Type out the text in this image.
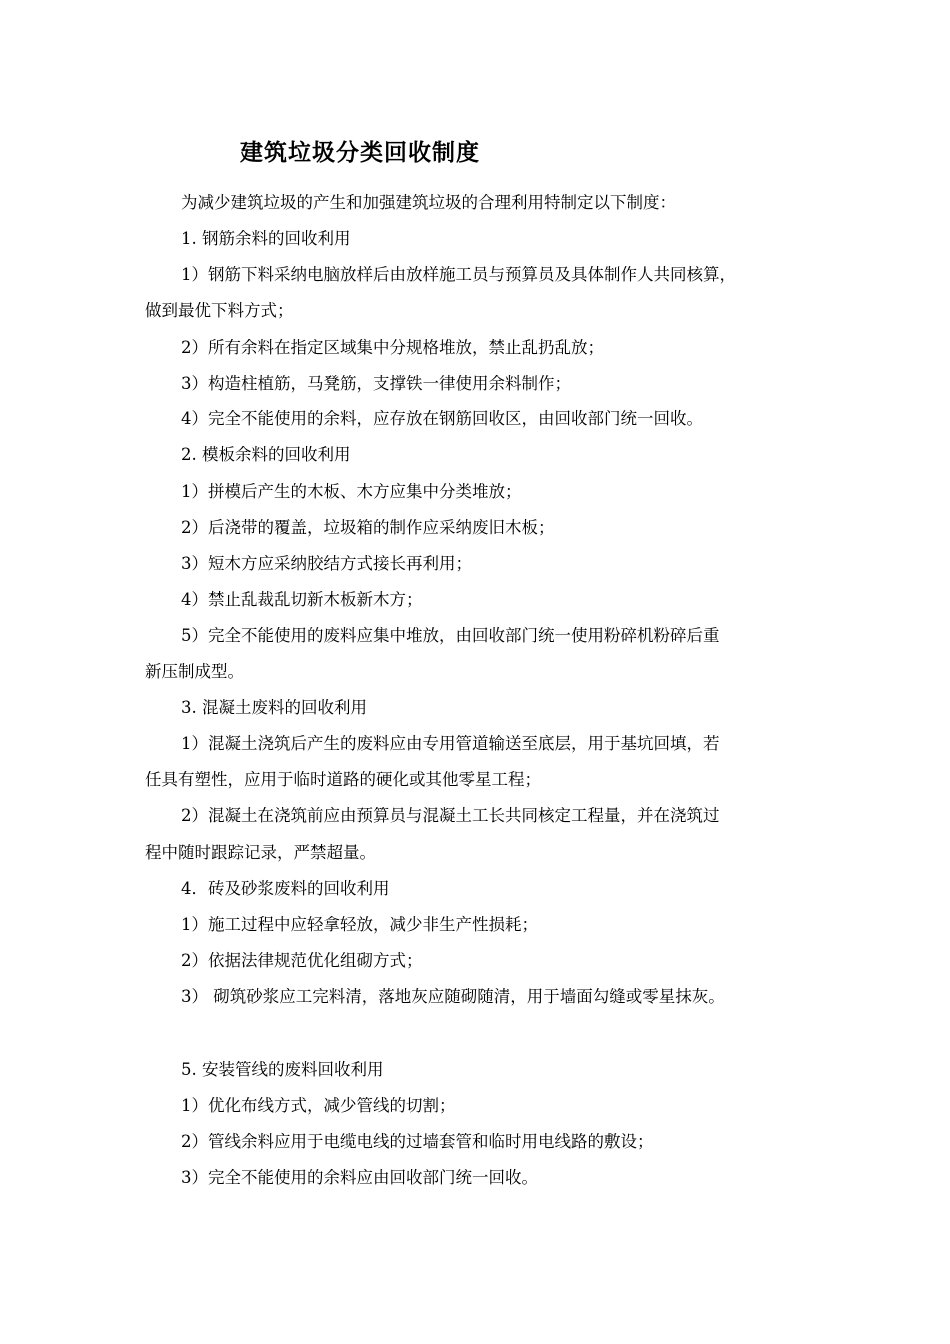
建筑垃圾分类回收制度
为减少建筑垃圾的产生和加强建筑垃圾的合理利用特制定以下制度：
1. 钢筋余料的回收利用
1）钢筋下料采纳电脑放样后由放样施工员与预算员及具体制作人共同核算，
做到最优下料方式；
2）所有余料在指定区域集中分规格堆放，禁止乱扔乱放；
3）构造柱植筋，马凳筋，支撑铁一律使用余料制作；
4）完全不能使用的余料，应存放在钢筋回收区，由回收部门统一回收。
2. 模板余料的回收利用
1）拼模后产生的木板、木方应集中分类堆放；
2）后浇带的覆盖，垃圾箱的制作应采纳废旧木板；
3）短木方应采纳胶结方式接长再利用；
4）禁止乱裁乱切新木板新木方；
5）完全不能使用的废料应集中堆放，由回收部门统一使用粉碎机粉碎后重
新压制成型。
3. 混凝土废料的回收利用
1）混凝土浇筑后产生的废料应由专用管道输送至底层，用于基坑回填，若
任具有塑性，应用于临时道路的硬化或其他零星工程；
2）混凝土在浇筑前应由预算员与混凝土工长共同核定工程量，并在浇筑过
程中随时跟踪记录，严禁超量。
4．砖及砂浆废料的回收利用
1）施工过程中应轻拿轻放，减少非生产性损耗；
2）依据法律规范优化组砌方式；
3） 砌筑砂浆应工完料清，落地灰应随砌随清，用于墙面勾缝或零星抹灰。
5. 安装管线的废料回收利用
1）优化布线方式，减少管线的切割；
2）管线余料应用于电缆电线的过墙套管和临时用电线路的敷设；
3）完全不能使用的余料应由回收部门统一回收。
